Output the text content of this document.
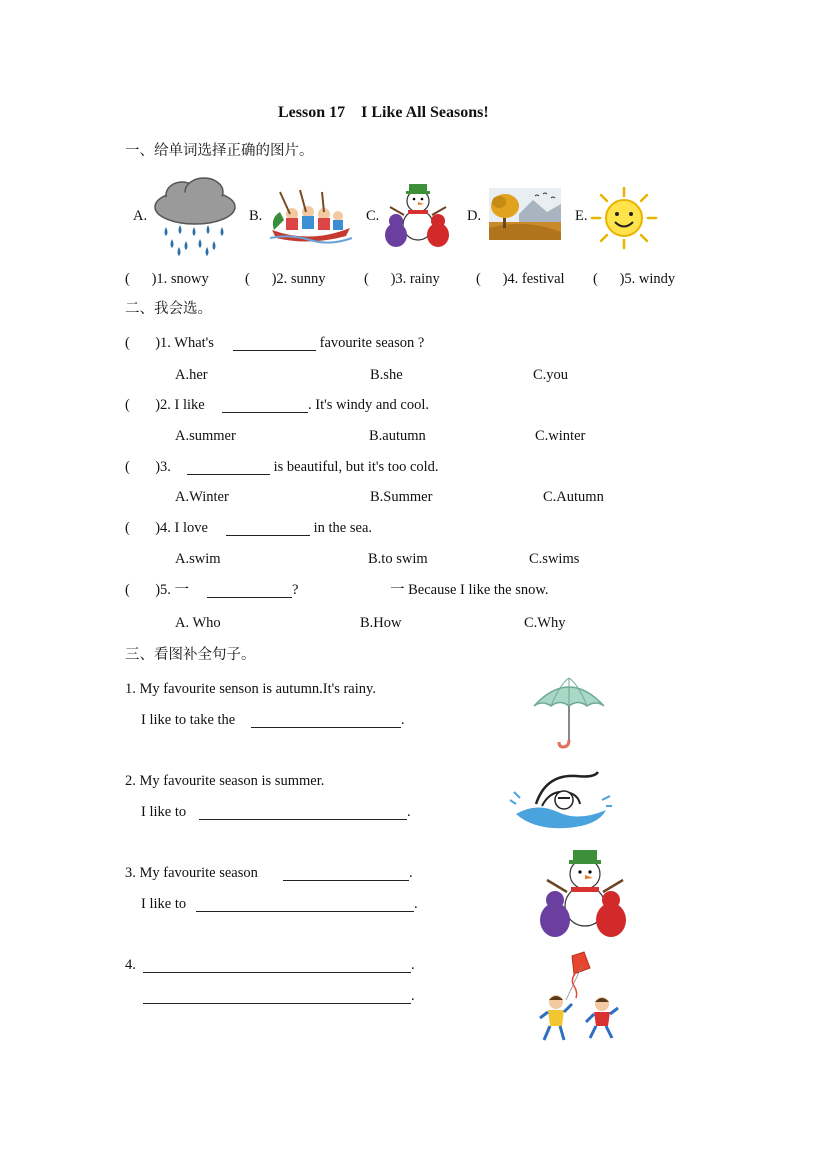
Lesson 17    I Like All Seasons!
一、给单词选择正确的图片。
A.	B.	C.	D.	E.
(      )1. snowy (      )2. sunny	(      )3. rainy	(      )4. festival (      )5. windy
二、我会选。
(       )1. What's	favourite season ?
A.her	B.she	C.you
(       )2. I like	. It's windy and cool.
A.summer	B.autumn	C.winter
(       )3.	is beautiful, but it's too cold.
A.Winter	B.Summer	C.Autumn
(       )4. I love	in the sea.
A.swim	B.to swim	C.swims
(       )5. 一	?	一 Because I like the snow.
A. Who	B.How	C.Why
三、看图补全句子。
1. My favourite senson is autumn.It's rainy.
I like to take the	.
2. My favourite season is summer.
I like to	.
3. My favourite season	.
I like to	.
4.	.
.
